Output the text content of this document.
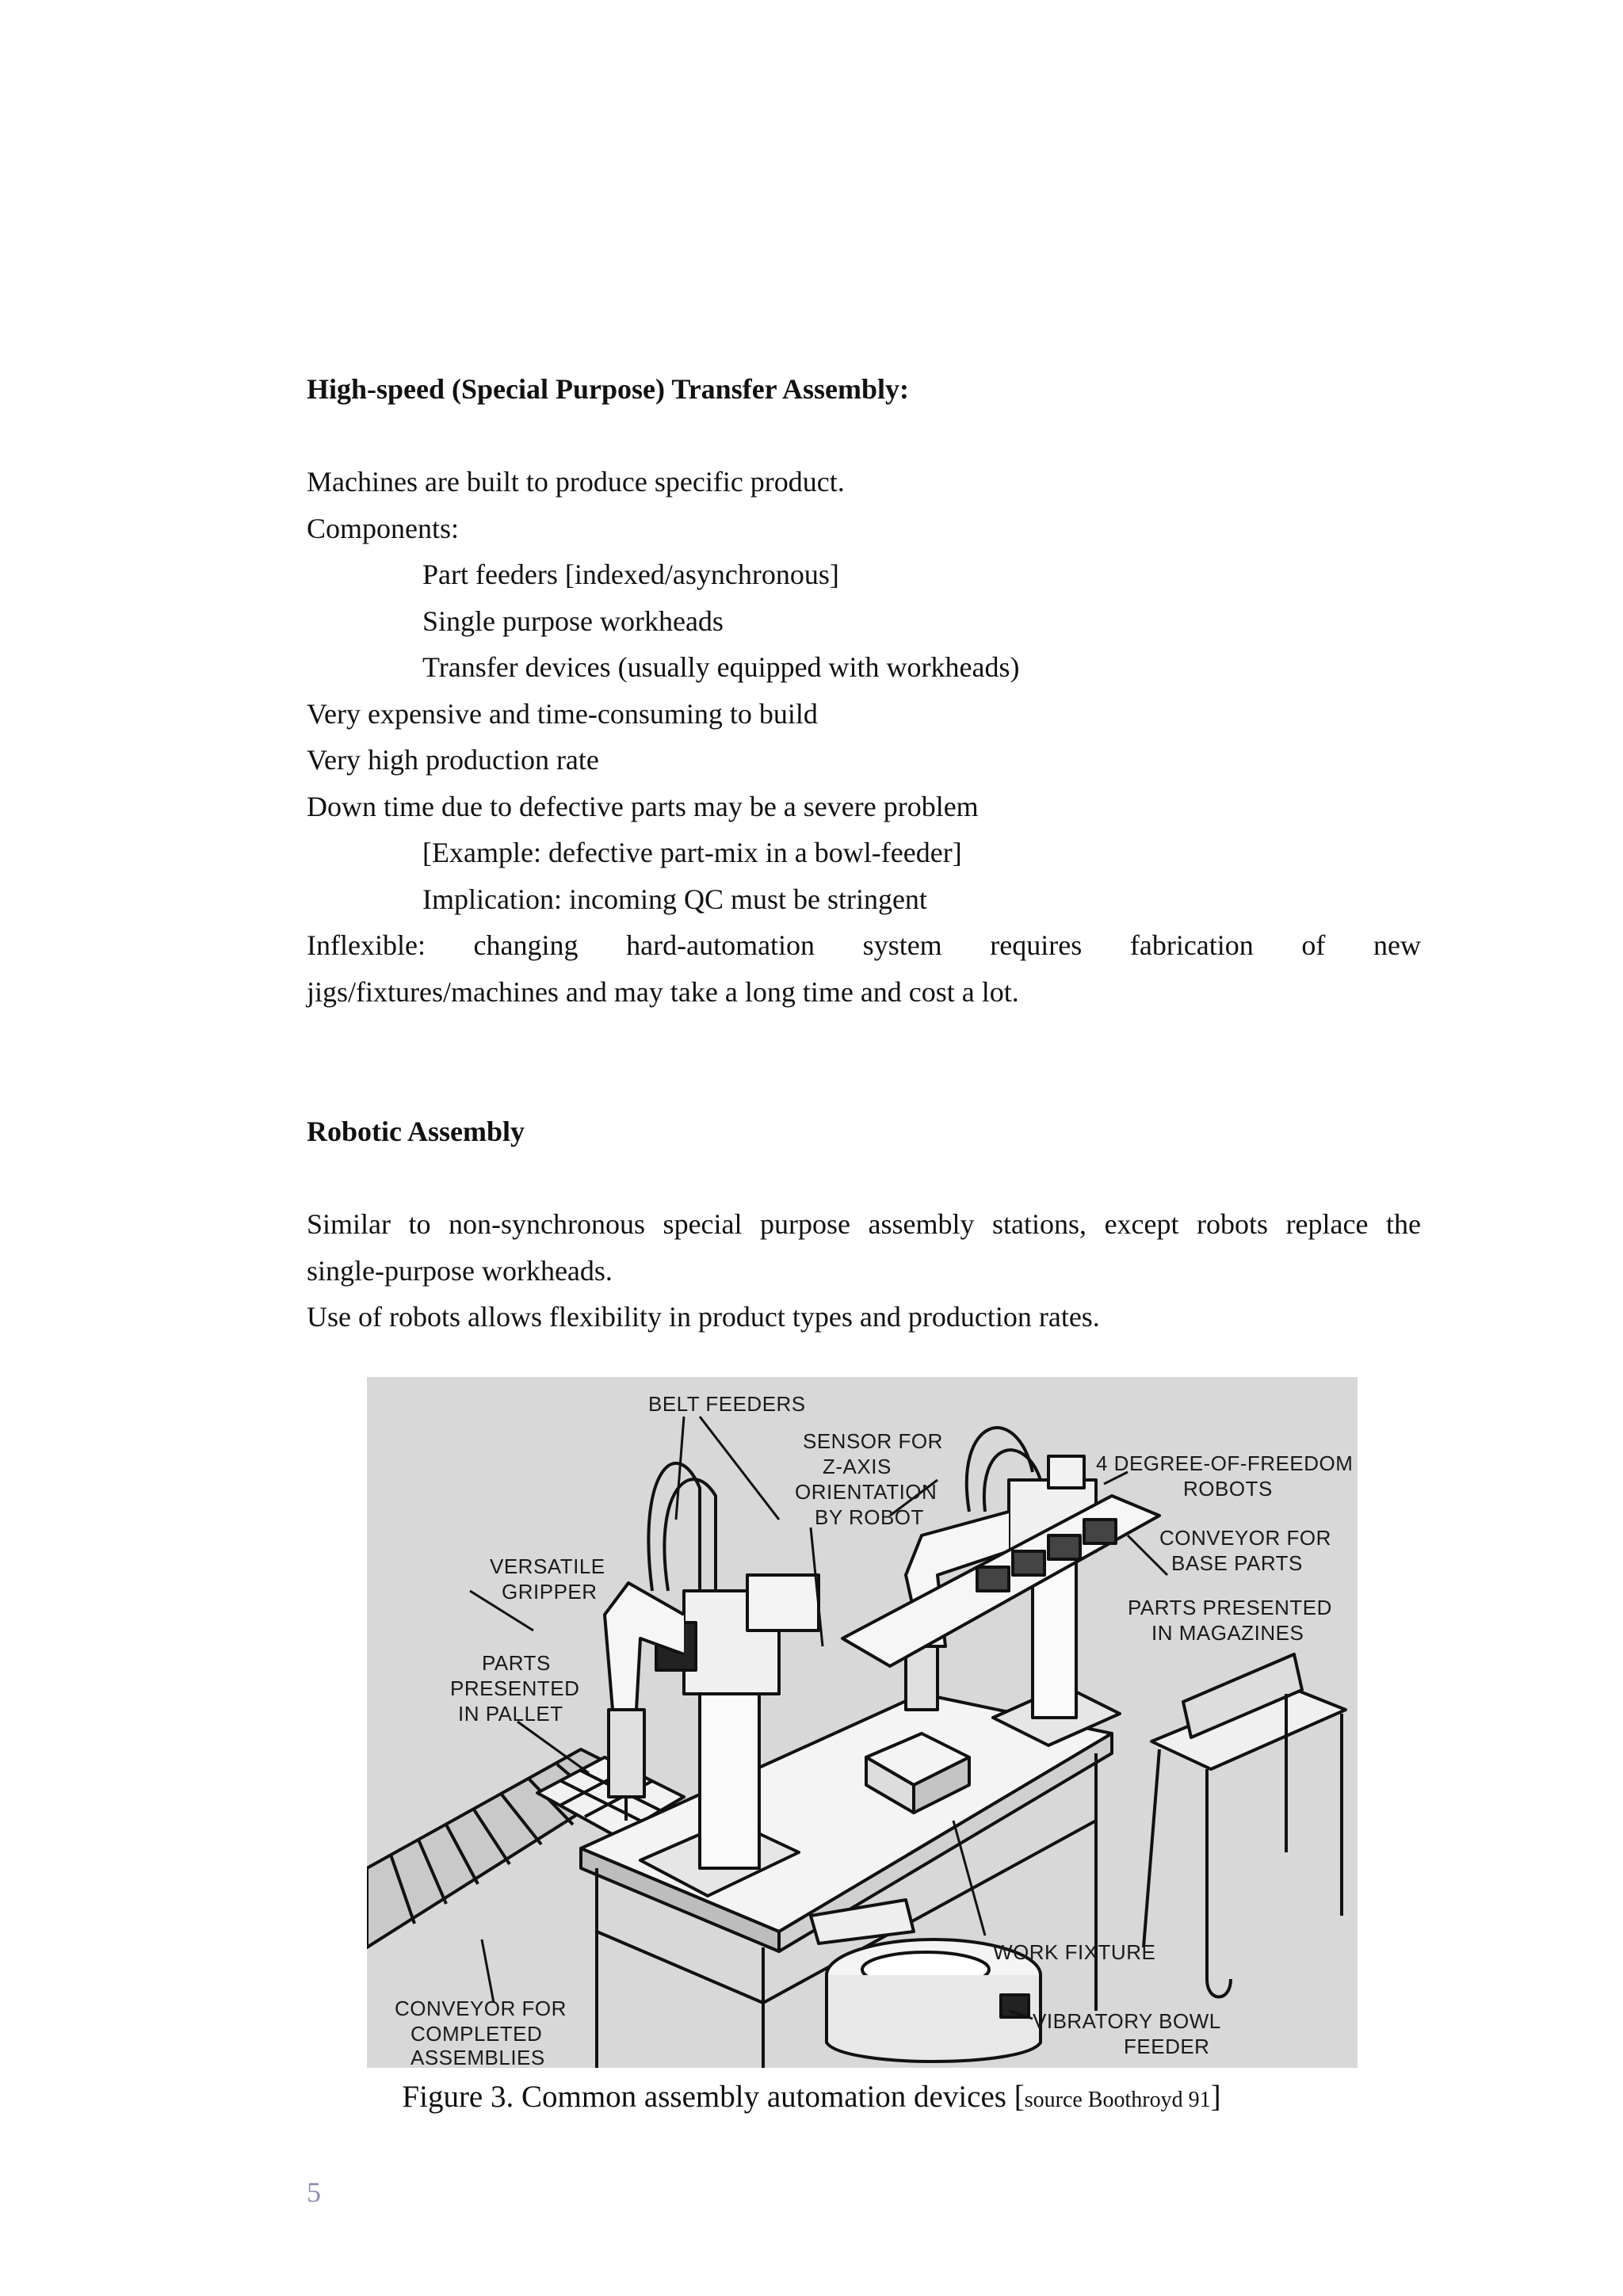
High-speed (Special Purpose) Transfer Assembly:

Machines are built to produce specific product.
Components:
Part feeders [indexed/asynchronous]
Single purpose workheads
Transfer devices (usually equipped with workheads)
Very expensive and time-consuming to build
Very high production rate
Down time due to defective parts may be a severe problem
[Example: defective part-mix in a bowl-feeder]
Implication: incoming QC must be stringent
Inflexible: changing hard-automation system requires fabrication of new
jigs/fixtures/machines and may take a long time and cost a lot.
Robotic Assembly

Similar to non-synchronous special purpose assembly stations, except robots replace the
single-purpose workheads.
Use of robots allows flexibility in product types and production rates.
BELT FEEDERS
SENSOR FOR
Z-AXIS
ORIENTATION
BY ROBOT
4 DEGREE-OF-FREEDOM
ROBOTS
CONVEYOR FOR
BASE PARTS
PARTS PRESENTED
IN MAGAZINES
VERSATILE
GRIPPER
PARTS
PRESENTED
IN PALLET
WORK FIXTURE
VIBRATORY BOWL
FEEDER
CONVEYOR FOR
COMPLETED
ASSEMBLIES
Figure 3. Common assembly automation devices [source Boothroyd 91]
5
